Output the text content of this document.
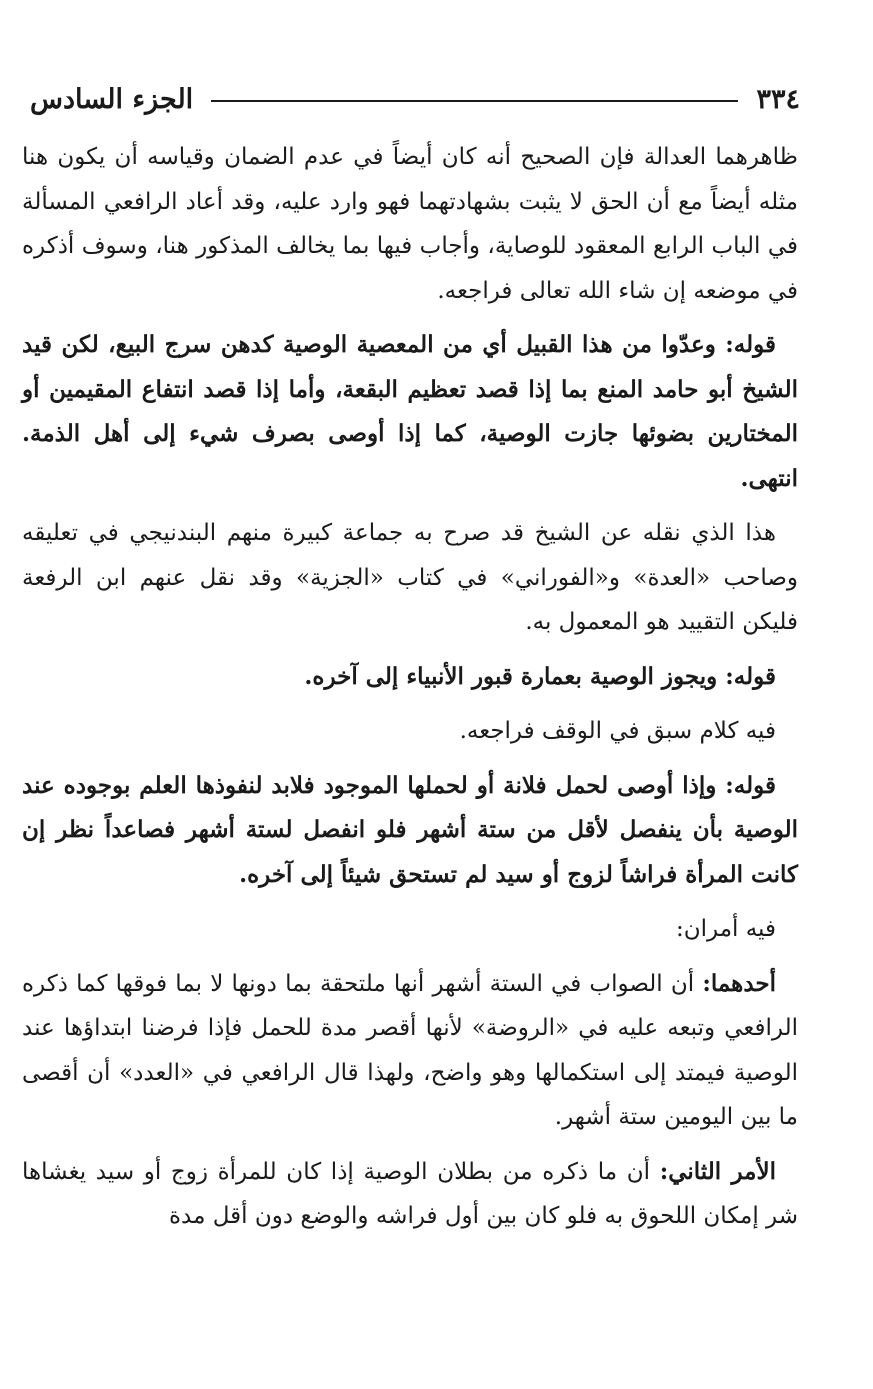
٣٣٤
الجزء السادس

ظاهرهما العدالة فإن الصحيح أنه كان أيضاً في عدم الضمان وقياسه أن يكون هنا مثله أيضاً مع أن الحق لا يثبت بشهادتهما فهو وارد عليه، وقد أعاد الرافعي المسألة في الباب الرابع المعقود للوصاية، وأجاب فيها بما يخالف المذكور هنا، وسوف أذكره في موضعه إن شاء الله تعالى فراجعه.

قوله: وعدّوا من هذا القبيل أي من المعصية الوصية كدهن سرج البيع، لكن قيد الشيخ أبو حامد المنع بما إذا قصد تعظيم البقعة، وأما إذا قصد انتفاع المقيمين أو المختارين بضوئها جازت الوصية، كما إذا أوصى بصرف شيء إلى أهل الذمة. انتهى.

هذا الذي نقله عن الشيخ قد صرح به جماعة كبيرة منهم البندنيجي في تعليقه وصاحب «العدة» و«الفوراني» في كتاب «الجزية» وقد نقل عنهم ابن الرفعة فليكن التقييد هو المعمول به.

قوله: ويجوز الوصية بعمارة قبور الأنبياء إلى آخره.

فيه كلام سبق في الوقف فراجعه.

قوله: وإذا أوصى لحمل فلانة أو لحملها الموجود فلابد لنفوذها العلم بوجوده عند الوصية بأن ينفصل لأقل من ستة أشهر فلو انفصل لستة أشهر فصاعداً نظر إن كانت المرأة فراشاً لزوج أو سيد لم تستحق شيئاً إلى آخره.

فيه أمران:

أحدهما: أن الصواب في الستة أشهر أنها ملتحقة بما دونها لا بما فوقها كما ذكره الرافعي وتبعه عليه في «الروضة» لأنها أقصر مدة للحمل فإذا فرضنا ابتداؤها عند الوصية فيمتد إلى استكمالها وهو واضح، ولهذا قال الرافعي في «العدد» أن أقصى ما بين اليومين ستة أشهر.

الأمر الثاني: أن ما ذكره من بطلان الوصية إذا كان للمرأة زوج أو سيد يغشاها شر إمكان اللحوق به فلو كان بين أول فراشه والوضع دون أقل مدة
